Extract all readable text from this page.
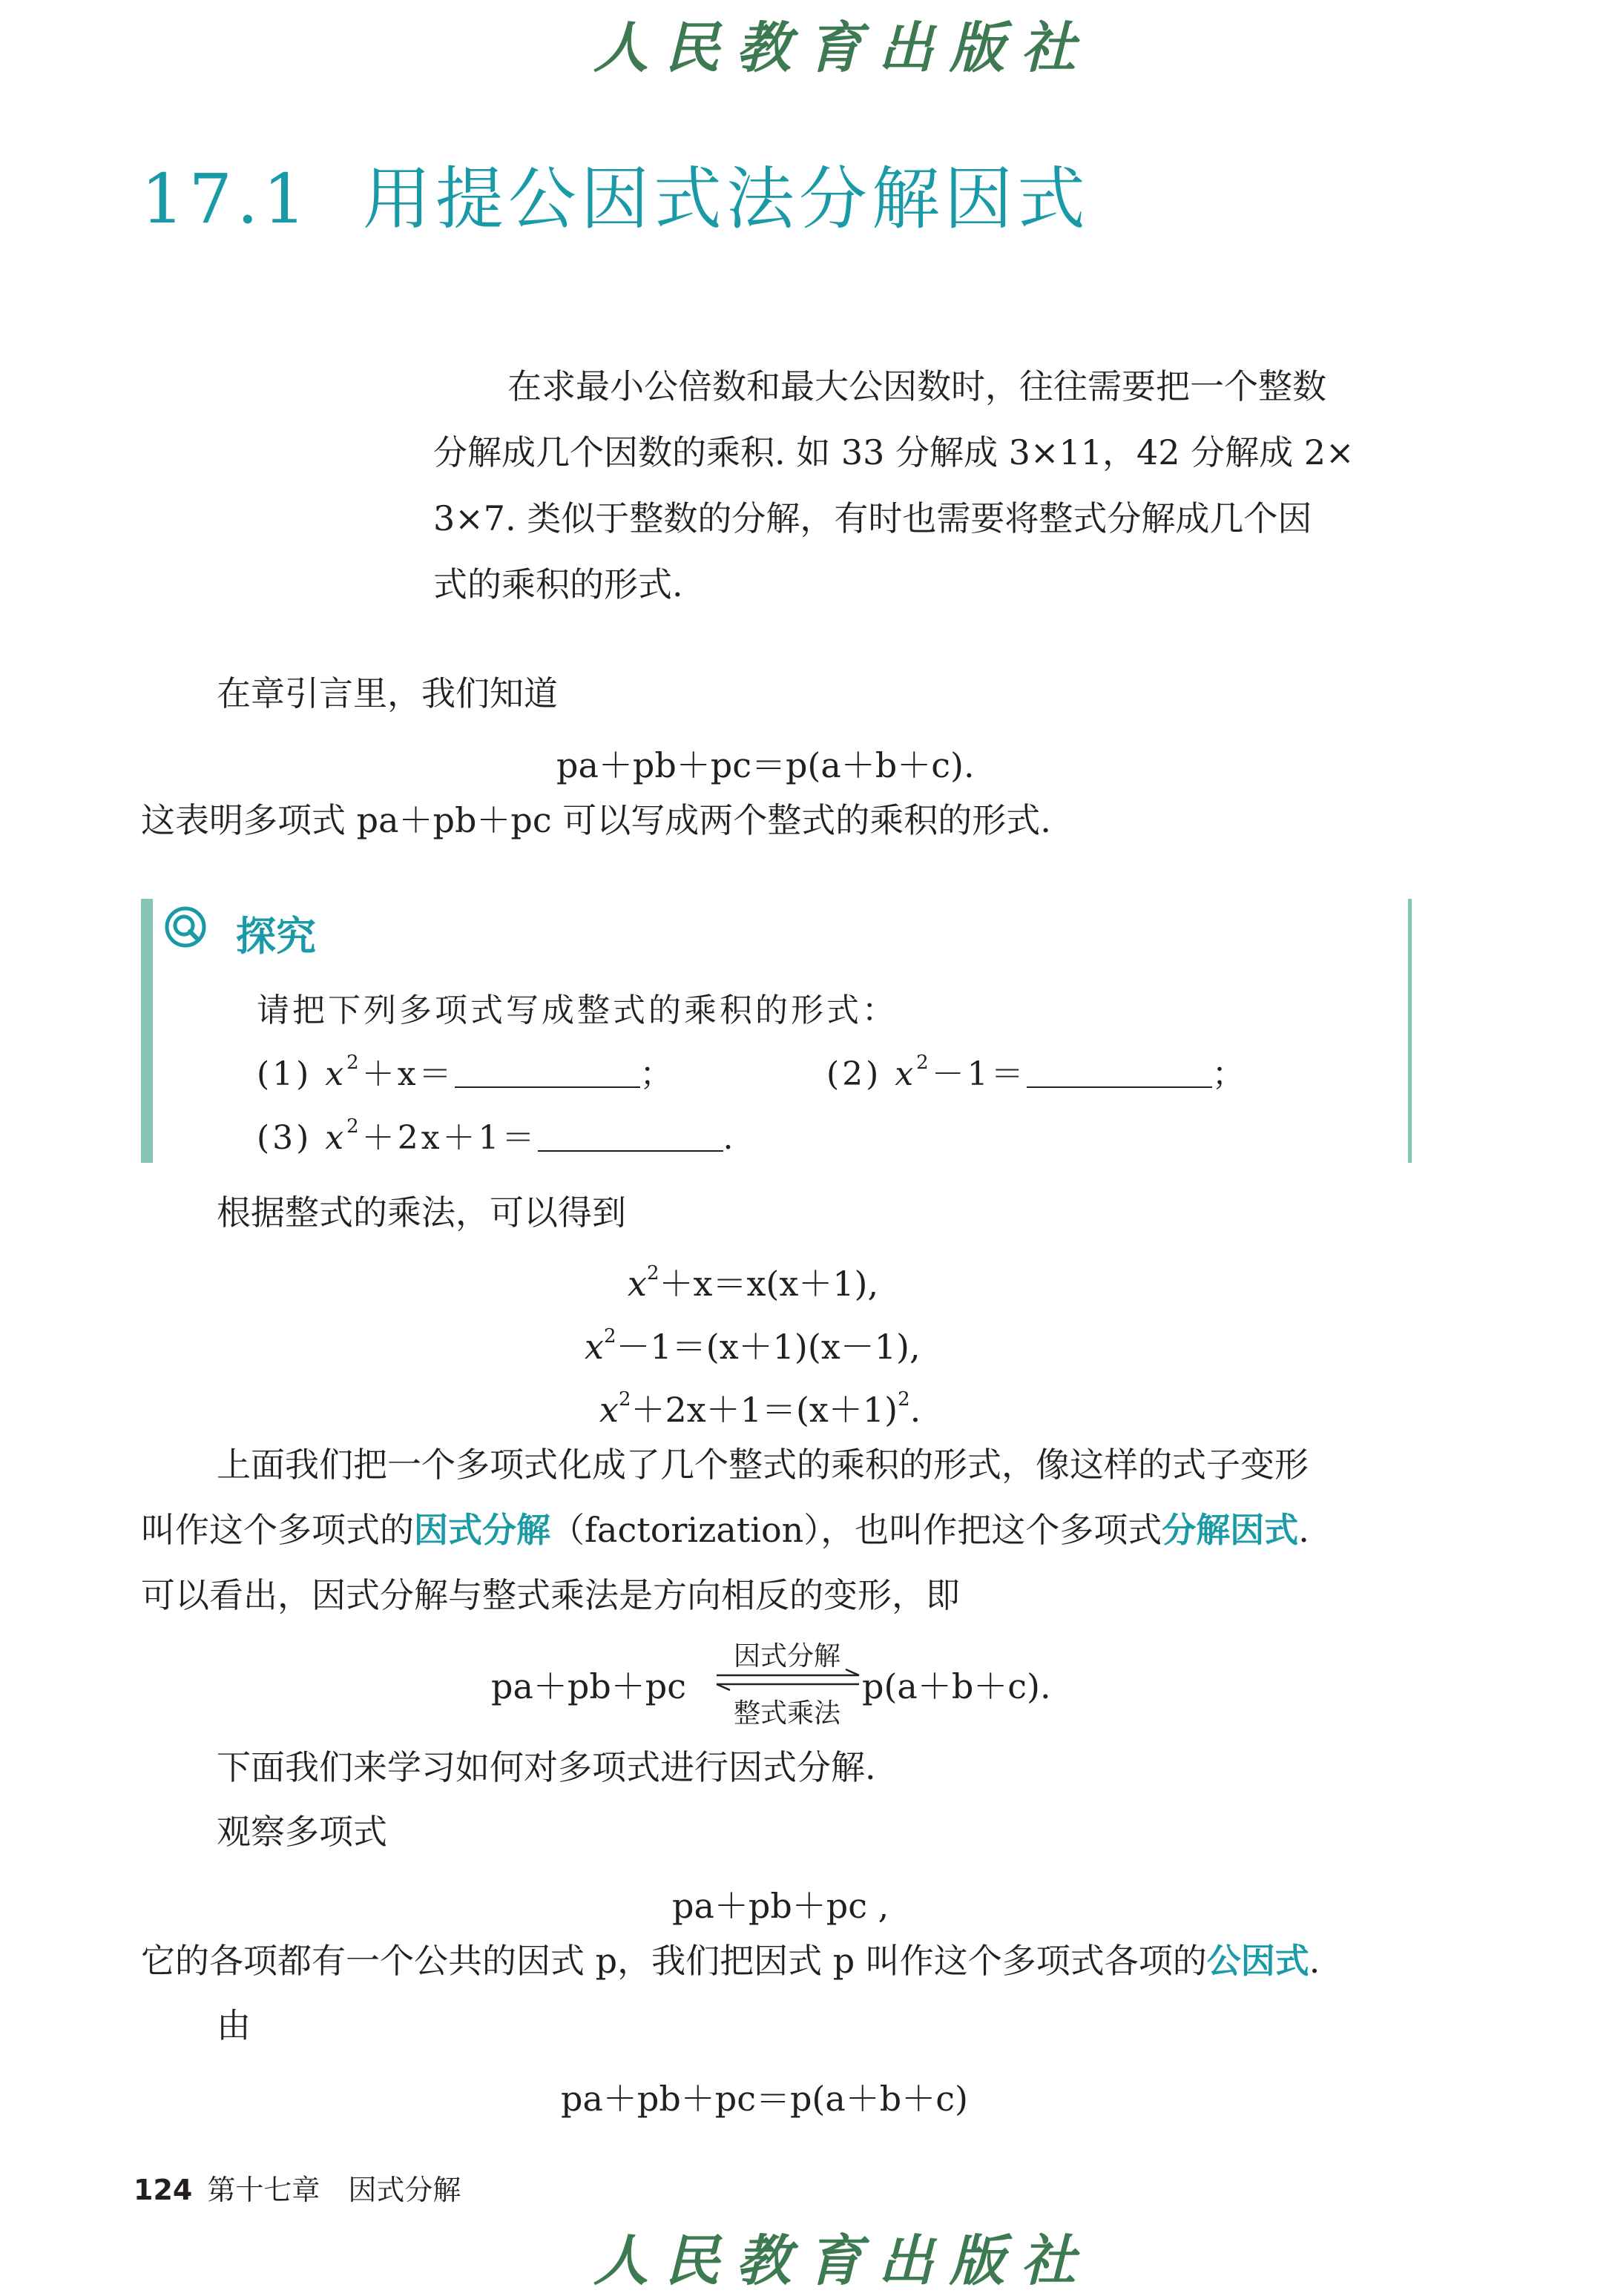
人民教育出版社
17.1 用提公因式法分解因式
在求最小公倍数和最大公因数时，往往需要把一个整数
分解成几个因数的乘积. 如 33 分解成 3×11，42 分解成 2×
3×7. 类似于整数的分解，有时也需要将整式分解成几个因
式的乘积的形式.
在章引言里，我们知道
pa＋pb＋pc＝p(a＋b＋c).
这表明多项式 pa＋pb＋pc 可以写成两个整式的乘积的形式.
探究
请把下列多项式写成整式的乘积的形式：
(1) $x^2+x=$	；	(2) $x^2-1=$	；
(3) $x^2+2x+1=$	.
根据整式的乘法，可以得到
$x^2+x=x(x+1)$,
$x^2-1=(x+1)(x-1)$,
$x^2+2x+1=(x+1)^2$.
上面我们把一个多项式化成了几个整式的乘积的形式，像这样的式子变形
叫作这个多项式的因式分解（factorization），也叫作把这个多项式分解因式.
可以看出，因式分解与整式乘法是方向相反的变形，即
pa＋pb＋pc
因式分解
整式乘法
p(a＋b＋c).
下面我们来学习如何对多项式进行因式分解.
观察多项式
pa＋pb＋pc ,
它的各项都有一个公共的因式 p，我们把因式 p 叫作这个多项式各项的公因式.
由
pa＋pb＋pc＝p(a＋b＋c)
124 第十七章　因式分解
人民教育出版社
